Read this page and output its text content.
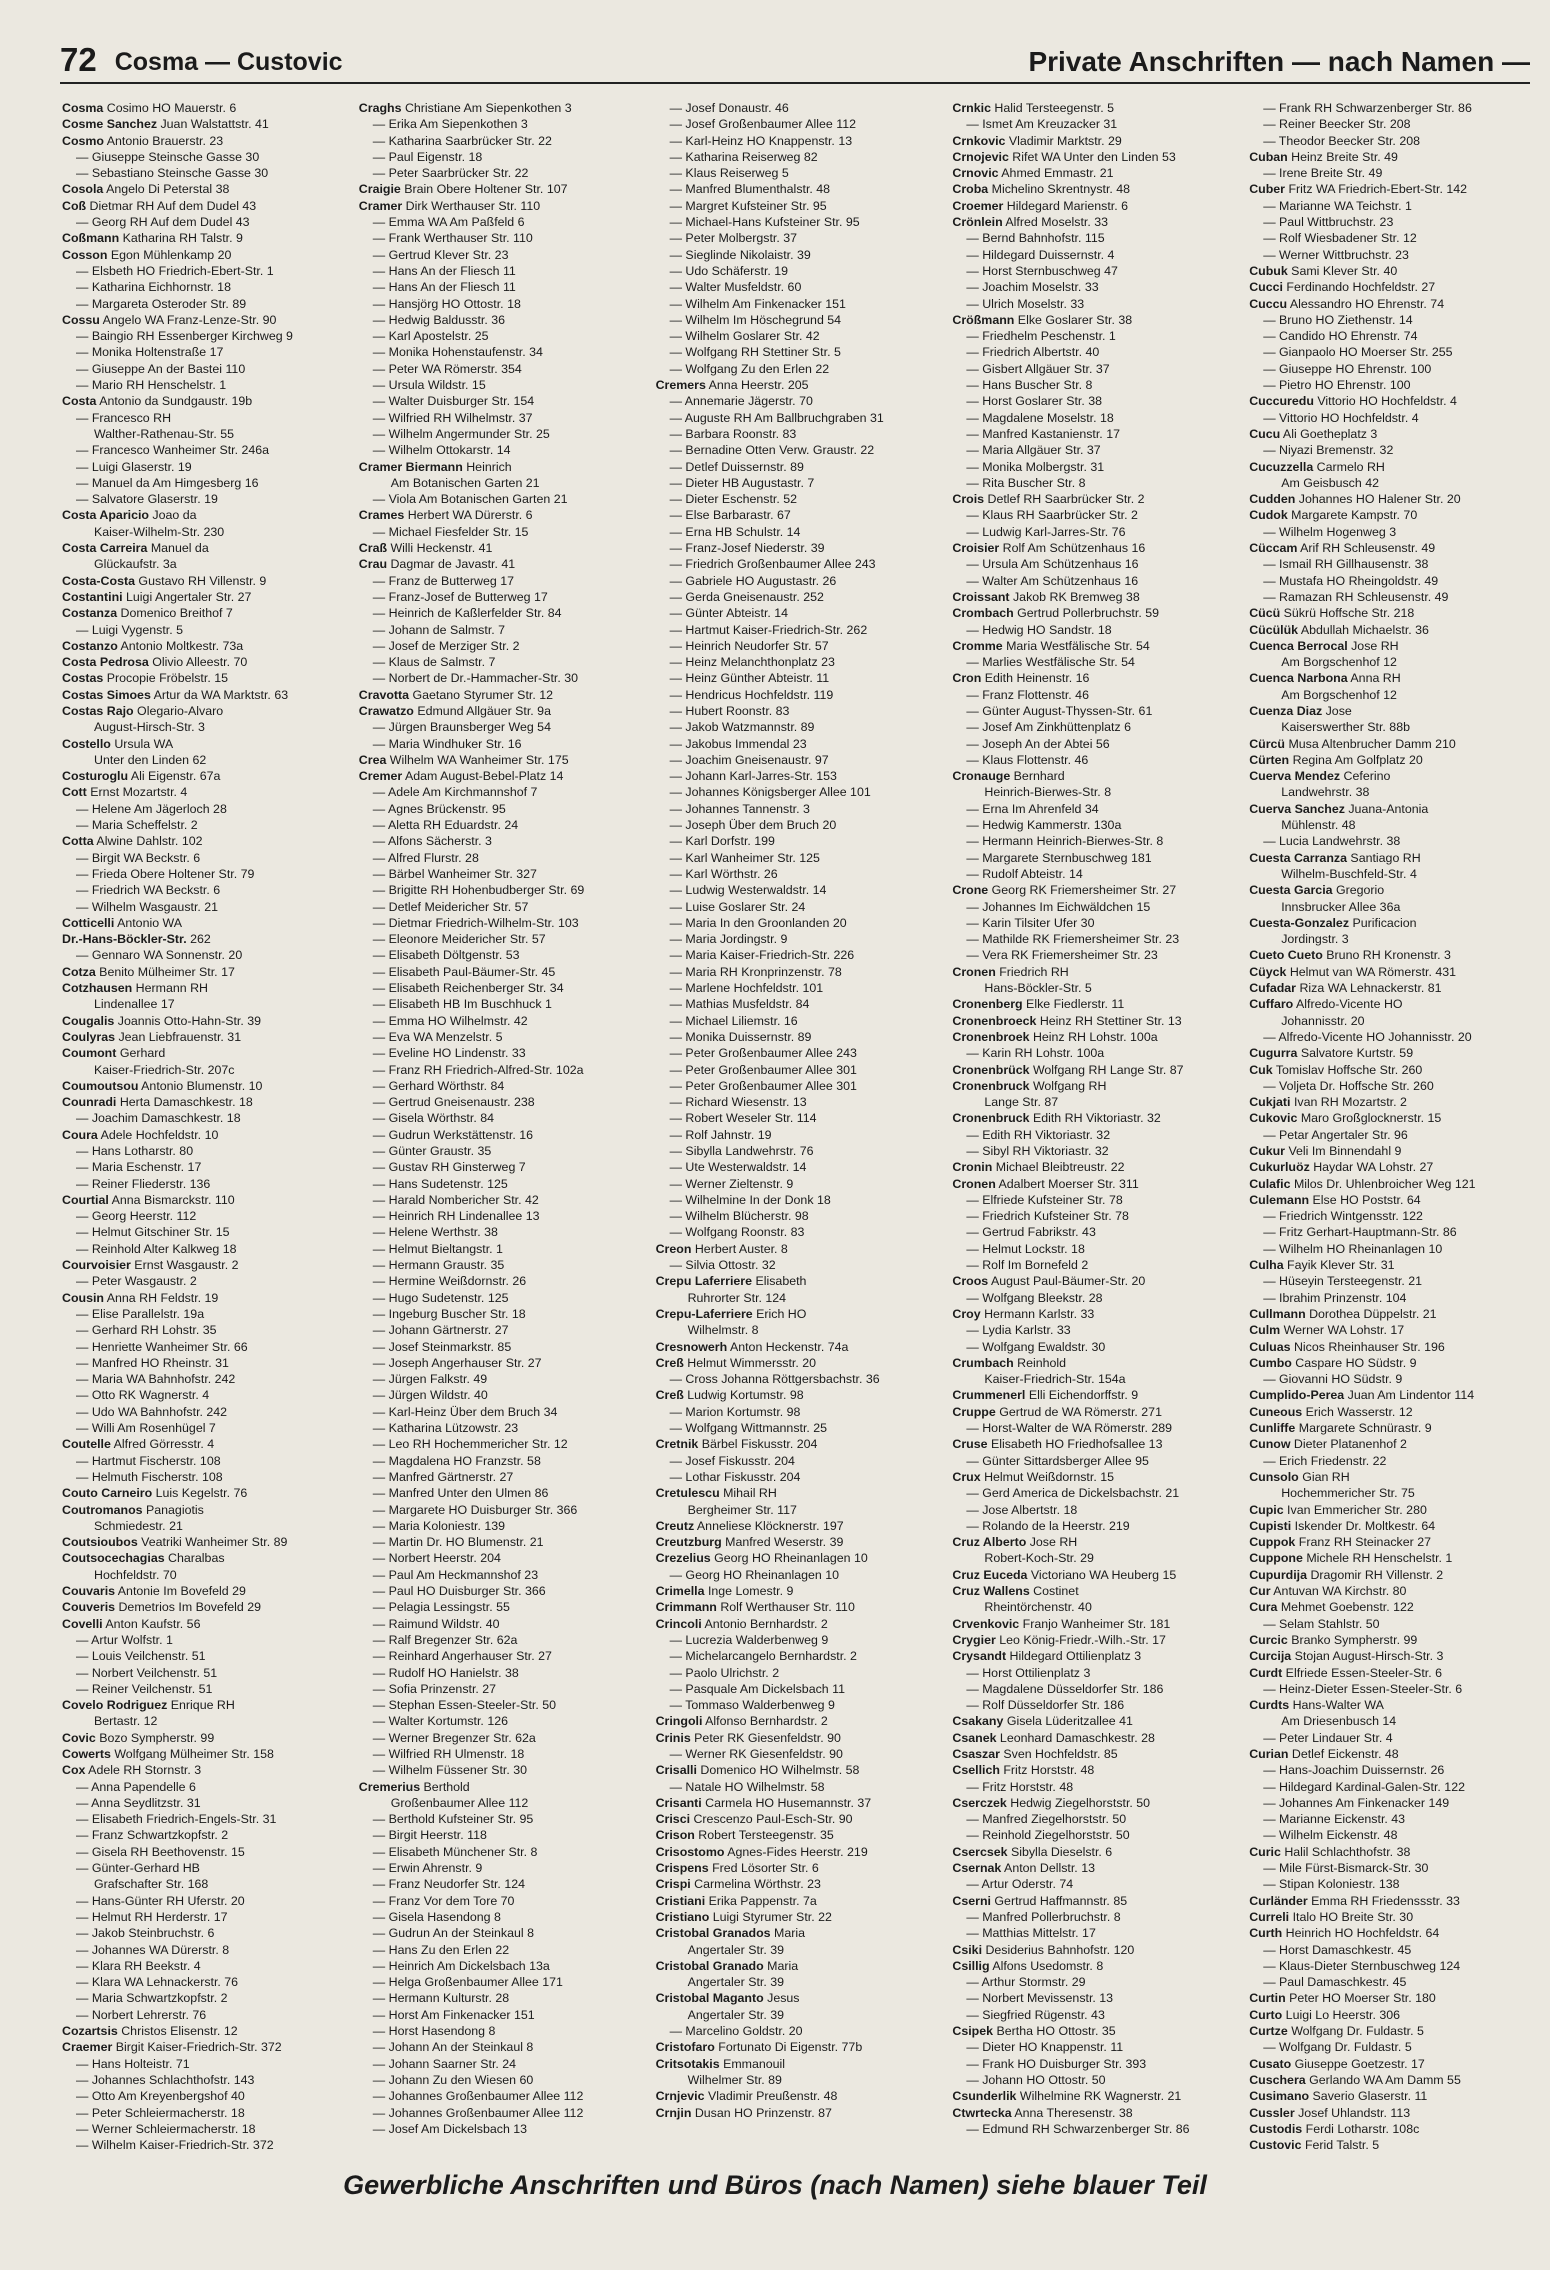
72 Cosma — Custovic	Private Anschriften — nach Namen —
Cosma Cosimo HO Mauerstr. 6
Cosme Sanchez Juan Walstattstr. 41
Cosmo Antonio Brauerstr. 23
— Giuseppe Steinsche Gasse 30
— Sebastiano Steinsche Gasse 30
Cosola Angelo Di Peterstal 38
Coß Dietmar RH Auf dem Dudel 43
— Georg RH Auf dem Dudel 43
Coßmann Katharina RH Talstr. 9
Cosson Egon Mühlenkamp 20
— Elsbeth HO Friedrich-Ebert-Str. 1
— Katharina Eichhornstr. 18
— Margareta Osteroder Str. 89
Cossu Angelo WA Franz-Lenze-Str. 90
— Baingio RH Essenberger Kirchweg 9
— Monika Holtenstraße 17
— Giuseppe An der Bastei 110
— Mario RH Henschelstr. 1
Costa Antonio da Sundgaustr. 19b
— Francesco RH
Walther-Rathenau-Str. 55
— Francesco Wanheimer Str. 246a
— Luigi Glaserstr. 19
— Manuel da Am Himgesberg 16
— Salvatore Glaserstr. 19
Costa Aparicio Joao da
Kaiser-Wilhelm-Str. 230
Costa Carreira Manuel da
Glückaufstr. 3a
Costa-Costa Gustavo RH Villenstr. 9
Costantini Luigi Angertaler Str. 27
Costanza Domenico Breithof 7
— Luigi Vygenstr. 5
Costanzo Antonio Moltkestr. 73a
Costa Pedrosa Olivio Alleestr. 70
Costas Procopie Fröbelstr. 15
Costas Simoes Artur da WA Marktstr. 63
Costas Rajo Olegario-Alvaro
August-Hirsch-Str. 3
Costello Ursula WA
Unter den Linden 62
Costuroglu Ali Eigenstr. 67a
Cott Ernst Mozartstr. 4
— Helene Am Jägerloch 28
— Maria Scheffelstr. 2
Cotta Alwine Dahlstr. 102
— Birgit WA Beckstr. 6
— Frieda Obere Holtener Str. 79
— Friedrich WA Beckstr. 6
— Wilhelm Wasgaustr. 21
Cotticelli Antonio WA
Dr.-Hans-Böckler-Str. 262
— Gennaro WA Sonnenstr. 20
Cotza Benito Mülheimer Str. 17
Cotzhausen Hermann RH
Lindenallee 17
Cougalis Joannis Otto-Hahn-Str. 39
Coulyras Jean Liebfrauenstr. 31
Coumont Gerhard
Kaiser-Friedrich-Str. 207c
Coumoutsou Antonio Blumenstr. 10
Counradi Herta Damaschkestr. 18
— Joachim Damaschkestr. 18
Coura Adele Hochfeldstr. 10
— Hans Lotharstr. 80
— Maria Eschenstr. 17
— Reiner Fliederstr. 136
Courtial Anna Bismarckstr. 110
— Georg Heerstr. 112
— Helmut Gitschiner Str. 15
— Reinhold Alter Kalkweg 18
Courvoisier Ernst Wasgaustr. 2
— Peter Wasgaustr. 2
Cousin Anna RH Feldstr. 19
— Elise Parallelstr. 19a
— Gerhard RH Lohstr. 35
— Henriette Wanheimer Str. 66
— Manfred HO Rheinstr. 31
— Maria WA Bahnhofstr. 242
— Otto RK Wagnerstr. 4
— Udo WA Bahnhofstr. 242
— Willi Am Rosenhügel 7
Coutelle Alfred Görresstr. 4
— Hartmut Fischerstr. 108
— Helmuth Fischerstr. 108
Couto Carneiro Luis Kegelstr. 76
Coutromanos Panagiotis
Schmiedestr. 21
Coutsioubos Veatriki Wanheimer Str. 89
Coutsocechagias Charalbas
Hochfeldstr. 70
Couvaris Antonie Im Bovefeld 29
Couveris Demetrios Im Bovefeld 29
Covelli Anton Kaufstr. 56
— Artur Wolfstr. 1
— Louis Veilchenstr. 51
— Norbert Veilchenstr. 51
— Reiner Veilchenstr. 51
Covelo Rodriguez Enrique RH
Bertastr. 12
Covic Bozo Sympherstr. 99
Cowerts Wolfgang Mülheimer Str. 158
Cox Adele RH Stornstr. 3
— Anna Papendelle 6
— Anna Seydlitzstr. 31
— Elisabeth Friedrich-Engels-Str. 31
— Franz Schwartzkopfstr. 2
— Gisela RH Beethovenstr. 15
— Günter-Gerhard HB
Grafschafter Str. 168
— Hans-Günter RH Uferstr. 20
— Helmut RH Herderstr. 17
— Jakob Steinbruchstr. 6
— Johannes WA Dürerstr. 8
— Klara RH Beekstr. 4
— Klara WA Lehnackerstr. 76
— Maria Schwartzkopfstr. 2
— Norbert Lehrerstr. 76
Cozartsis Christos Elisenstr. 12
Craemer Birgit Kaiser-Friedrich-Str. 372
— Hans Holteistr. 71
— Johannes Schlachthofstr. 143
— Otto Am Kreyenbergshof 40
— Peter Schleiermacherstr. 18
— Werner Schleiermacherstr. 18
— Wilhelm Kaiser-Friedrich-Str. 372
Craghs Christiane Am Siepenkothen 3
— Erika Am Siepenkothen 3
— Katharina Saarbrücker Str. 22
— Paul Eigenstr. 18
— Peter Saarbrücker Str. 22
Craigie Brain Obere Holtener Str. 107
Cramer Dirk Werthauser Str. 110
— Emma WA Am Paßfeld 6
— Frank Werthauser Str. 110
— Gertrud Klever Str. 23
— Hans An der Fliesch 11
— Hans An der Fliesch 11
— Hansjörg HO Ottostr. 18
— Hedwig Baldusstr. 36
— Karl Apostelstr. 25
— Monika Hohenstaufenstr. 34
— Peter WA Römerstr. 354
— Ursula Wildstr. 15
— Walter Duisburger Str. 154
— Wilfried RH Wilhelmstr. 37
— Wilhelm Angermunder Str. 25
— Wilhelm Ottokarstr. 14
Cramer Biermann Heinrich
Am Botanischen Garten 21
— Viola Am Botanischen Garten 21
Crames Herbert WA Dürerstr. 6
— Michael Fiesfelder Str. 15
Craß Willi Heckenstr. 41
Crau Dagmar de Javastr. 41
— Franz de Butterweg 17
— Franz-Josef de Butterweg 17
— Heinrich de Kaßlerfelder Str. 84
— Johann de Salmstr. 7
— Josef de Merziger Str. 2
— Klaus de Salmstr. 7
— Norbert de Dr.-Hammacher-Str. 30
Cravotta Gaetano Styrumer Str. 12
Crawatzo Edmund Allgäuer Str. 9a
— Jürgen Braunsberger Weg 54
— Maria Windhuker Str. 16
Crea Wilhelm WA Wanheimer Str. 175
Cremer Adam August-Bebel-Platz 14
— Adele Am Kirchmannshof 7
— Agnes Brückenstr. 95
— Aletta RH Eduardstr. 24
— Alfons Sächerstr. 3
— Alfred Flurstr. 28
— Bärbel Wanheimer Str. 327
— Brigitte RH Hohenbudberger Str. 69
— Detlef Meidericher Str. 57
— Dietmar Friedrich-Wilhelm-Str. 103
— Eleonore Meidericher Str. 57
— Elisabeth Döltgenstr. 53
— Elisabeth Paul-Bäumer-Str. 45
— Elisabeth Reichenberger Str. 34
— Elisabeth HB Im Buschhuck 1
— Emma HO Wilhelmstr. 42
— Eva WA Menzelstr. 5
— Eveline HO Lindenstr. 33
— Franz RH Friedrich-Alfred-Str. 102a
— Gerhard Wörthstr. 84
— Gertrud Gneisenaustr. 238
— Gisela Wörthstr. 84
— Gudrun Werkstättenstr. 16
— Günter Graustr. 35
— Gustav RH Ginsterweg 7
— Hans Sudetenstr. 125
— Harald Nombericher Str. 42
— Heinrich RH Lindenallee 13
— Helene Werthstr. 38
— Helmut Bieltangstr. 1
— Hermann Graustr. 35
— Hermine Weißdornstr. 26
— Hugo Sudetenstr. 125
— Ingeburg Buscher Str. 18
— Johann Gärtnerstr. 27
— Josef Steinmarkstr. 85
— Joseph Angerhauser Str. 27
— Jürgen Falkstr. 49
— Jürgen Wildstr. 40
— Karl-Heinz Über dem Bruch 34
— Katharina Lützowstr. 23
— Leo RH Hochemmericher Str. 12
— Magdalena HO Franzstr. 58
— Manfred Gärtnerstr. 27
— Manfred Unter den Ulmen 86
— Margarete HO Duisburger Str. 366
— Maria Koloniestr. 139
— Martin Dr. HO Blumenstr. 21
— Norbert Heerstr. 204
— Paul Am Heckmannshof 23
— Paul HO Duisburger Str. 366
— Pelagia Lessingstr. 55
— Raimund Wildstr. 40
— Ralf Bregenzer Str. 62a
— Reinhard Angerhauser Str. 27
— Rudolf HO Hanielstr. 38
— Sofia Prinzenstr. 27
— Stephan Essen-Steeler-Str. 50
— Walter Kortumstr. 126
— Werner Bregenzer Str. 62a
— Wilfried RH Ulmenstr. 18
— Wilhelm Füssener Str. 30
Cremerius Berthold
Großenbaumer Allee 112
— Berthold Kufsteiner Str. 95
— Birgit Heerstr. 118
— Elisabeth Münchener Str. 8
— Erwin Ahrenstr. 9
— Franz Neudorfer Str. 124
— Franz Vor dem Tore 70
— Gisela Hasendong 8
— Gudrun An der Steinkaul 8
— Hans Zu den Erlen 22
— Heinrich Am Dickelsbach 13a
— Helga Großenbaumer Allee 171
— Hermann Kulturstr. 28
— Horst Am Finkenacker 151
— Horst Hasendong 8
— Johann An der Steinkaul 8
— Johann Saarner Str. 24
— Johann Zu den Wiesen 60
— Johannes Großenbaumer Allee 112
— Johannes Großenbaumer Allee 112
— Josef Am Dickelsbach 13
— Josef Donaustr. 46
— Josef Großenbaumer Allee 112
— Karl-Heinz HO Knappenstr. 13
— Katharina Reiserweg 82
— Klaus Reiserweg 5
— Manfred Blumenthalstr. 48
— Margret Kufsteiner Str. 95
— Michael-Hans Kufsteiner Str. 95
— Peter Molbergstr. 37
— Sieglinde Nikolaistr. 39
— Udo Schäferstr. 19
— Walter Musfeldstr. 60
— Wilhelm Am Finkenacker 151
— Wilhelm Im Höschegrund 54
— Wilhelm Goslarer Str. 42
— Wolfgang RH Stettiner Str. 5
— Wolfgang Zu den Erlen 22
Cremers Anna Heerstr. 205
— Annemarie Jägerstr. 70
— Auguste RH Am Ballbruchgraben 31
— Barbara Roonstr. 83
— Bernadine Otten Verw. Graustr. 22
— Detlef Duissernstr. 89
— Dieter HB Augustastr. 7
— Dieter Eschenstr. 52
— Else Barbarastr. 67
— Erna HB Schulstr. 14
— Franz-Josef Niederstr. 39
— Friedrich Großenbaumer Allee 243
— Gabriele HO Augustastr. 26
— Gerda Gneisenaustr. 252
— Günter Abteistr. 14
— Hartmut Kaiser-Friedrich-Str. 262
— Heinrich Neudorfer Str. 57
— Heinz Melanchthonplatz 23
— Heinz Günther Abteistr. 11
— Hendricus Hochfeldstr. 119
— Hubert Roonstr. 83
— Jakob Watzmannstr. 89
— Jakobus Immendal 23
— Joachim Gneisenaustr. 97
— Johann Karl-Jarres-Str. 153
— Johannes Königsberger Allee 101
— Johannes Tannenstr. 3
— Joseph Über dem Bruch 20
— Karl Dorfstr. 199
— Karl Wanheimer Str. 125
— Karl Wörthstr. 26
— Ludwig Westerwaldstr. 14
— Luise Goslarer Str. 24
— Maria In den Groonlanden 20
— Maria Jordingstr. 9
— Maria Kaiser-Friedrich-Str. 226
— Maria RH Kronprinzenstr. 78
— Marlene Hochfeldstr. 101
— Mathias Musfeldstr. 84
— Michael Liliemstr. 16
— Monika Duissernstr. 89
— Peter Großenbaumer Allee 243
— Peter Großenbaumer Allee 301
— Peter Großenbaumer Allee 301
— Richard Wiesenstr. 13
— Robert Weseler Str. 114
— Rolf Jahnstr. 19
— Sibylla Landwehrstr. 76
— Ute Westerwaldstr. 14
— Werner Zieltenstr. 9
— Wilhelmine In der Donk 18
— Wilhelm Blücherstr. 98
— Wolfgang Roonstr. 83
Creon Herbert Auster. 8
— Silvia Ottostr. 32
Crepu Laferriere Elisabeth
Ruhrorter Str. 124
Crepu-Laferriere Erich HO
Wilhelmstr. 8
Cresnowerh Anton Heckenstr. 74a
Creß Helmut Wimmersstr. 20
— Cross Johanna Röttgersbachstr. 36
Creß Ludwig Kortumstr. 98
— Marion Kortumstr. 98
— Wolfgang Wittmannstr. 25
Cretnik Bärbel Fiskusstr. 204
— Josef Fiskusstr. 204
— Lothar Fiskusstr. 204
Cretulescu Mihail RH
Bergheimer Str. 117
Creutz Anneliese Klöcknerstr. 197
Creutzburg Manfred Weserstr. 39
Crezelius Georg HO Rheinanlagen 10
— Georg HO Rheinanlagen 10
Crimella Inge Lomestr. 9
Crimmann Rolf Werthauser Str. 110
Crincoli Antonio Bernhardstr. 2
— Lucrezia Walderbenweg 9
— Michelarcangelo Bernhardstr. 2
— Paolo Ulrichstr. 2
— Pasquale Am Dickelsbach 11
— Tommaso Walderbenweg 9
Cringoli Alfonso Bernhardstr. 2
Crinis Peter RK Giesenfeldstr. 90
— Werner RK Giesenfeldstr. 90
Crisalli Domenico HO Wilhelmstr. 58
— Natale HO Wilhelmstr. 58
Crisanti Carmela HO Husemannstr. 37
Crisci Crescenzo Paul-Esch-Str. 90
Crison Robert Tersteegenstr. 35
Crisostomo Agnes-Fides Heerstr. 219
Crispens Fred Lösorter Str. 6
Crispi Carmelina Wörthstr. 23
Cristiani Erika Pappenstr. 7a
Cristiano Luigi Styrumer Str. 22
Cristobal Granados Maria
Angertaler Str. 39
Cristobal Granado Maria
Angertaler Str. 39
Cristobal Maganto Jesus
Angertaler Str. 39
— Marcelino Goldstr. 20
Cristofaro Fortunato Di Eigenstr. 77b
Critsotakis Emmanouil
Wilhelmer Str. 89
Crnjevic Vladimir Preußenstr. 48
Crnjin Dusan HO Prinzenstr. 87
Crnkic Halid Tersteegenstr. 5
— Ismet Am Kreuzacker 31
Crnkovic Vladimir Marktstr. 29
Crnojevic Rifet WA Unter den Linden 53
Crnovic Ahmed Emmastr. 21
Croba Michelino Skrentnystr. 48
Croemer Hildegard Marienstr. 6
Crönlein Alfred Moselstr. 33
— Bernd Bahnhofstr. 115
— Hildegard Duissernstr. 4
— Horst Sternbuschweg 47
— Joachim Moselstr. 33
— Ulrich Moselstr. 33
Crößmann Elke Goslarer Str. 38
— Friedhelm Peschenstr. 1
— Friedrich Albertstr. 40
— Gisbert Allgäuer Str. 37
— Hans Buscher Str. 8
— Horst Goslarer Str. 38
— Magdalene Moselstr. 18
— Manfred Kastanienstr. 17
— Maria Allgäuer Str. 37
— Monika Molbergstr. 31
— Rita Buscher Str. 8
Crois Detlef RH Saarbrücker Str. 2
— Klaus RH Saarbrücker Str. 2
— Ludwig Karl-Jarres-Str. 76
Croisier Rolf Am Schützenhaus 16
— Ursula Am Schützenhaus 16
— Walter Am Schützenhaus 16
Croissant Jakob RK Bremweg 38
Crombach Gertrud Pollerbruchstr. 59
— Hedwig HO Sandstr. 18
Cromme Maria Westfälische Str. 54
— Marlies Westfälische Str. 54
Cron Edith Heinenstr. 16
— Franz Flottenstr. 46
— Günter August-Thyssen-Str. 61
— Josef Am Zinkhüttenplatz 6
— Joseph An der Abtei 56
— Klaus Flottenstr. 46
Cronauge Bernhard
Heinrich-Bierwes-Str. 8
— Erna Im Ahrenfeld 34
— Hedwig Kammerstr. 130a
— Hermann Heinrich-Bierwes-Str. 8
— Margarete Sternbuschweg 181
— Rudolf Abteistr. 14
Crone Georg RK Friemersheimer Str. 27
— Johannes Im Eichwäldchen 15
— Karin Tilsiter Ufer 30
— Mathilde RK Friemersheimer Str. 23
— Vera RK Friemersheimer Str. 23
Cronen Friedrich RH
Hans-Böckler-Str. 5
Cronenberg Elke Fiedlerstr. 11
Cronenbroeck Heinz RH Stettiner Str. 13
Cronenbroek Heinz RH Lohstr. 100a
— Karin RH Lohstr. 100a
Cronenbrück Wolfgang RH Lange Str. 87
Cronenbruck Wolfgang RH
Lange Str. 87
Cronenbruck Edith RH Viktoriastr. 32
— Edith RH Viktoriastr. 32
— Sibyl RH Viktoriastr. 32
Cronin Michael Bleibtreustr. 22
Cronen Adalbert Moerser Str. 311
— Elfriede Kufsteiner Str. 78
— Friedrich Kufsteiner Str. 78
— Gertrud Fabrikstr. 43
— Helmut Lockstr. 18
— Rolf Im Bornefeld 2
Croos August Paul-Bäumer-Str. 20
— Wolfgang Bleekstr. 28
Croy Hermann Karlstr. 33
— Lydia Karlstr. 33
— Wolfgang Ewaldstr. 30
Crumbach Reinhold
Kaiser-Friedrich-Str. 154a
Crummenerl Elli Eichendorffstr. 9
Cruppe Gertrud de WA Römerstr. 271
— Horst-Walter de WA Römerstr. 289
Cruse Elisabeth HO Friedhofsallee 13
— Günter Sittardsberger Allee 95
Crux Helmut Weißdornstr. 15
— Gerd America de Dickelsbachstr. 21
— Jose Albertstr. 18
— Rolando de la Heerstr. 219
Cruz Alberto Jose RH
Robert-Koch-Str. 29
Cruz Euceda Victoriano WA Heuberg 15
Cruz Wallens Costinet
Rheintörchenstr. 40
Crvenkovic Franjo Wanheimer Str. 181
Crygier Leo König-Friedr.-Wilh.-Str. 17
Crysandt Hildegard Ottilienplatz 3
— Horst Ottilienplatz 3
— Magdalene Düsseldorfer Str. 186
— Rolf Düsseldorfer Str. 186
Csakany Gisela Lüderitzallee 41
Csanek Leonhard Damaschkestr. 28
Csaszar Sven Hochfeldstr. 85
Csellich Fritz Horststr. 48
— Fritz Horststr. 48
Cserczek Hedwig Ziegelhorststr. 50
— Manfred Ziegelhorststr. 50
— Reinhold Ziegelhorststr. 50
Csercsek Sibylla Dieselstr. 6
Csernak Anton Dellstr. 13
— Artur Oderstr. 74
Cserni Gertrud Haffmannstr. 85
— Manfred Pollerbruchstr. 8
— Matthias Mittelstr. 17
Csiki Desiderius Bahnhofstr. 120
Csillig Alfons Usedomstr. 8
— Arthur Stormstr. 29
— Norbert Mevissenstr. 13
— Siegfried Rügenstr. 43
Csipek Bertha HO Ottostr. 35
— Dieter HO Knappenstr. 11
— Frank HO Duisburger Str. 393
— Johann HO Ottostr. 50
Csunderlik Wilhelmine RK Wagnerstr. 21
Ctwrtecka Anna Theresenstr. 38
— Edmund RH Schwarzenberger Str. 86
— Frank RH Schwarzenberger Str. 86
— Reiner Beecker Str. 208
— Theodor Beecker Str. 208
Cuban Heinz Breite Str. 49
— Irene Breite Str. 49
Cuber Fritz WA Friedrich-Ebert-Str. 142
— Marianne WA Teichstr. 1
— Paul Wittbruchstr. 23
— Rolf Wiesbadener Str. 12
— Werner Wittbruchstr. 23
Cubuk Sami Klever Str. 40
Cucci Ferdinando Hochfeldstr. 27
Cuccu Alessandro HO Ehrenstr. 74
— Bruno HO Ziethenstr. 14
— Candido HO Ehrenstr. 74
— Gianpaolo HO Moerser Str. 255
— Giuseppe HO Ehrenstr. 100
— Pietro HO Ehrenstr. 100
Cuccuredu Vittorio HO Hochfeldstr. 4
— Vittorio HO Hochfeldstr. 4
Cucu Ali Goetheplatz 3
— Niyazi Bremenstr. 32
Cucuzzella Carmelo RH
Am Geisbusch 42
Cudden Johannes HO Halener Str. 20
Cudok Margarete Kampstr. 70
— Wilhelm Hogenweg 3
Cüccam Arif RH Schleusenstr. 49
— Ismail RH Gillhausenstr. 38
— Mustafa HO Rheingoldstr. 49
— Ramazan RH Schleusenstr. 49
Cücü Sükrü Hoffsche Str. 218
Cücülük Abdullah Michaelstr. 36
Cuenca Berrocal Jose RH
Am Borgschenhof 12
Cuenca Narbona Anna RH
Am Borgschenhof 12
Cuenza Diaz Jose
Kaiserswerther Str. 88b
Cürcü Musa Altenbrucher Damm 210
Cürten Regina Am Golfplatz 20
Cuerva Mendez Ceferino
Landwehrstr. 38
Cuerva Sanchez Juana-Antonia
Mühlenstr. 48
— Lucia Landwehrstr. 38
Cuesta Carranza Santiago RH
Wilhelm-Buschfeld-Str. 4
Cuesta Garcia Gregorio
Innsbrucker Allee 36a
Cuesta-Gonzalez Purificacion
Jordingstr. 3
Cueto Cueto Bruno RH Kronenstr. 3
Cüyck Helmut van WA Römerstr. 431
Cufadar Riza WA Lehnackerstr. 81
Cuffaro Alfredo-Vicente HO
Johannisstr. 20
— Alfredo-Vicente HO Johannisstr. 20
Cugurra Salvatore Kurtstr. 59
Cuk Tomislav Hoffsche Str. 260
— Voljeta Dr. Hoffsche Str. 260
Cukjati Ivan RH Mozartstr. 2
Cukovic Maro Großglocknerstr. 15
— Petar Angertaler Str. 96
Cukur Veli Im Binnendahl 9
Cukurluöz Haydar WA Lohstr. 27
Culafic Milos Dr. Uhlenbroicher Weg 121
Culemann Else HO Poststr. 64
— Friedrich Wintgensstr. 122
— Fritz Gerhart-Hauptmann-Str. 86
— Wilhelm HO Rheinanlagen 10
Culha Fayik Klever Str. 31
— Hüseyin Tersteegenstr. 21
— Ibrahim Prinzenstr. 104
Cullmann Dorothea Düppelstr. 21
Culm Werner WA Lohstr. 17
Culuas Nicos Rheinhauser Str. 196
Cumbo Caspare HO Südstr. 9
— Giovanni HO Südstr. 9
Cumplido-Perea Juan Am Lindentor 114
Cuneous Erich Wasserstr. 12
Cunliffe Margarete Schnürastr. 9
Cunow Dieter Platanenhof 2
— Erich Friedenstr. 22
Cunsolo Gian RH
Hochemmericher Str. 75
Cupic Ivan Emmericher Str. 280
Cupisti Iskender Dr. Moltkestr. 64
Cuppok Franz RH Steinacker 27
Cuppone Michele RH Henschelstr. 1
Cupurdija Dragomir RH Villenstr. 2
Cur Antuvan WA Kirchstr. 80
Cura Mehmet Goebenstr. 122
— Selam Stahlstr. 50
Curcic Branko Sympherstr. 99
Curcija Stojan August-Hirsch-Str. 3
Curdt Elfriede Essen-Steeler-Str. 6
— Heinz-Dieter Essen-Steeler-Str. 6
Curdts Hans-Walter WA
Am Driesenbusch 14
— Peter Lindauer Str. 4
Curian Detlef Eickenstr. 48
— Hans-Joachim Duissernstr. 26
— Hildegard Kardinal-Galen-Str. 122
— Johannes Am Finkenacker 149
— Marianne Eickenstr. 43
— Wilhelm Eickenstr. 48
Curic Halil Schlachthofstr. 38
— Mile Fürst-Bismarck-Str. 30
— Stipan Koloniestr. 138
Curländer Emma RH Friedenssstr. 33
Curreli Italo HO Breite Str. 30
Curth Heinrich HO Hochfeldstr. 64
— Horst Damaschkestr. 45
— Klaus-Dieter Sternbuschweg 124
— Paul Damaschkestr. 45
Curtin Peter HO Moerser Str. 180
Curto Luigi Lo Heerstr. 306
Curtze Wolfgang Dr. Fuldastr. 5
— Wolfgang Dr. Fuldastr. 5
Cusato Giuseppe Goetzestr. 17
Cuschera Gerlando WA Am Damm 55
Cusimano Saverio Glaserstr. 11
Cussler Josef Uhlandstr. 113
Custodis Ferdi Lotharstr. 108c
Custovic Ferid Talstr. 5
Gewerbliche Anschriften und Büros (nach Namen) siehe blauer Teil
